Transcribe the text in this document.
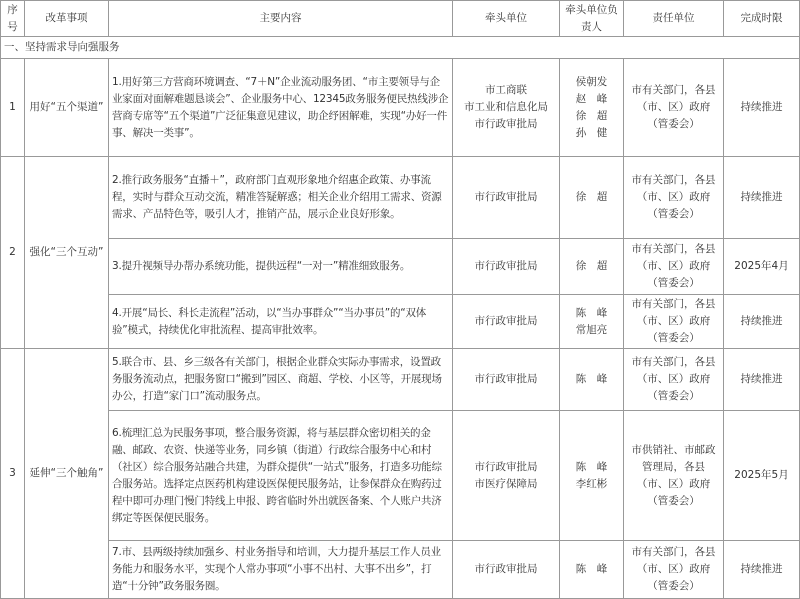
序号	改革事项	主要内容	牵头单位	牵头单位负责人	责任单位	完成时限
一、坚持需求导向强服务						
1	用好“五个渠道”	1.用好第三方营商环境调查、“7＋N”企业流动服务团、“市主要领导与企业家面对面解难题恳谈会”、企业服务中心、12345政务服务便民热线涉企营商专席等“五个渠道”广泛征集意见建议，助企纾困解难，实现“办好一件事、解决一类事”。	市工商联
市工业和信息化局
市行政审批局	侯朝发
赵　峰
徐　超
孙　健	市有关部门，各县
（市、区）政府
（管委会）	持续推进
2	强化“三个互动”	2.推行政务服务“直播＋”，政府部门直观形象地介绍惠企政策、办事流程，实时与群众互动交流，精准答疑解惑；相关企业介绍用工需求、资源需求、产品特色等，吸引人才，推销产品，展示企业良好形象。	市行政审批局	徐　超	市有关部门，各县
（市、区）政府
（管委会）	持续推进
		3.提升视频导办帮办系统功能，提供远程“一对一”精准细致服务。	市行政审批局	徐　超	市有关部门，各县
（市、区）政府
（管委会）	2025年4月
		4.开展“局长、科长走流程”活动，以“当办事群众”“当办事员”的“双体验”模式，持续优化审批流程、提高审批效率。	市行政审批局	陈　峰
常旭亮	市有关部门，各县
（市、区）政府
（管委会）	持续推进
3	延伸“三个触角”	5.联合市、县、乡三级各有关部门，根据企业群众实际办事需求，设置政务服务流动点，把服务窗口“搬到”园区、商超、学校、小区等，开展现场办公，打造“家门口”流动服务点。	市行政审批局	陈　峰	市有关部门，各县
（市、区）政府
（管委会）	持续推进
		6.梳理汇总为民服务事项，整合服务资源，将与基层群众密切相关的金融、邮政、农资、快递等业务，同乡镇（街道）行政综合服务中心和村（社区）综合服务站融合共建，为群众提供“一站式”服务，打造多功能综合服务站。选择定点医药机构建设医保便民服务站，让参保群众在购药过程中即可办理门慢门特线上申报、跨省临时外出就医备案、个人账户共济绑定等医保便民服务。	市行政审批局
市医疗保障局	陈　峰
李红彬	市供销社、市邮政
管理局，各县
（市、区）政府
（管委会）	2025年5月
		7.市、县两级持续加强乡、村业务指导和培训，大力提升基层工作人员业务能力和服务水平，实现个人常办事项“小事不出村、大事不出乡”，打造“十分钟”政务服务圈。	市行政审批局	陈　峰	市有关部门，各县
（市、区）政府
（管委会）	持续推进
